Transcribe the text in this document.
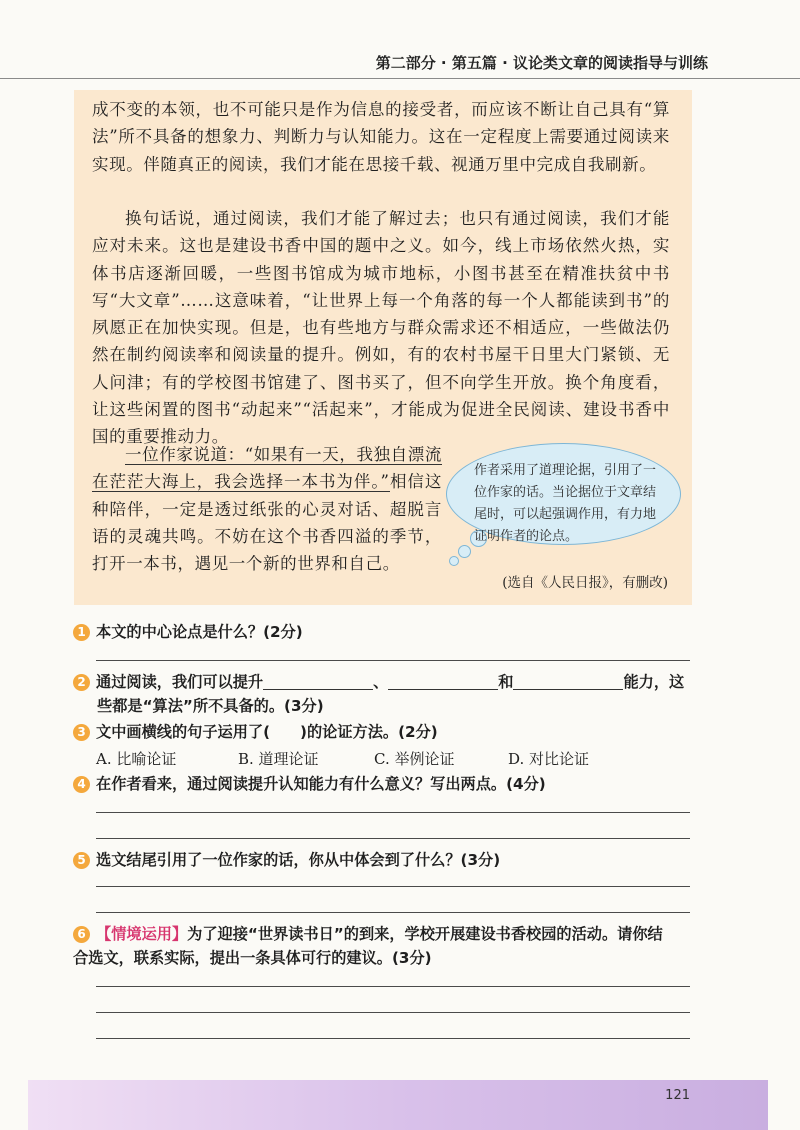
第二部分 · 第五篇 · 议论类文章的阅读指导与训练

成不变的本领，也不可能只是作为信息的接受者，而应该不断让自己具有“算法”所不具备的想象力、判断力与认知能力。这在一定程度上需要通过阅读来实现。伴随真正的阅读，我们才能在思接千载、视通万里中完成自我刷新。

换句话说，通过阅读，我们才能了解过去；也只有通过阅读，我们才能应对未来。这也是建设书香中国的题中之义。如今，线上市场依然火热，实体书店逐渐回暖，一些图书馆成为城市地标，小图书甚至在精准扶贫中书写“大文章”……这意味着，“让世界上每一个角落的每一个人都能读到书”的夙愿正在加快实现。但是，也有些地方与群众需求还不相适应，一些做法仍然在制约阅读率和阅读量的提升。例如，有的农村书屋干日里大门紧锁、无人问津；有的学校图书馆建了、图书买了，但不向学生开放。换个角度看，让这些闲置的图书“动起来”“活起来”，才能成为促进全民阅读、建设书香中国的重要推动力。

一位作家说道：“如果有一天，我独自漂流在茫茫大海上，我会选择一本书为伴。”相信这种陪伴，一定是透过纸张的心灵对话、超脱言语的灵魂共鸣。不妨在这个书香四溢的季节，打开一本书，遇见一个新的世界和自己。

作者采用了道理论据，引用了一位作家的话。当论据位于文章结尾时，可以起强调作用，有力地证明作者的论点。

(选自《人民日报》，有删改)
1 本文的中心论点是什么？(2分)
2 通过阅读，我们可以提升	、	和	能力，这
些都是“算法”所不具备的。(3分)
3 文中画横线的句子运用了( )的论证方法。(2分)
A. 比喻论证	B. 道理论证	C. 举例论证	D. 对比论证
4 在作者看来，通过阅读提升认知能力有什么意义？写出两点。(4分)
5 选文结尾引用了一位作家的话，你从中体会到了什么？(3分)
6 【情境运用】为了迎接“世界读书日”的到来，学校开展建设书香校园的活动。请你结
合选文，联系实际，提出一条具体可行的建议。(3分)
121
